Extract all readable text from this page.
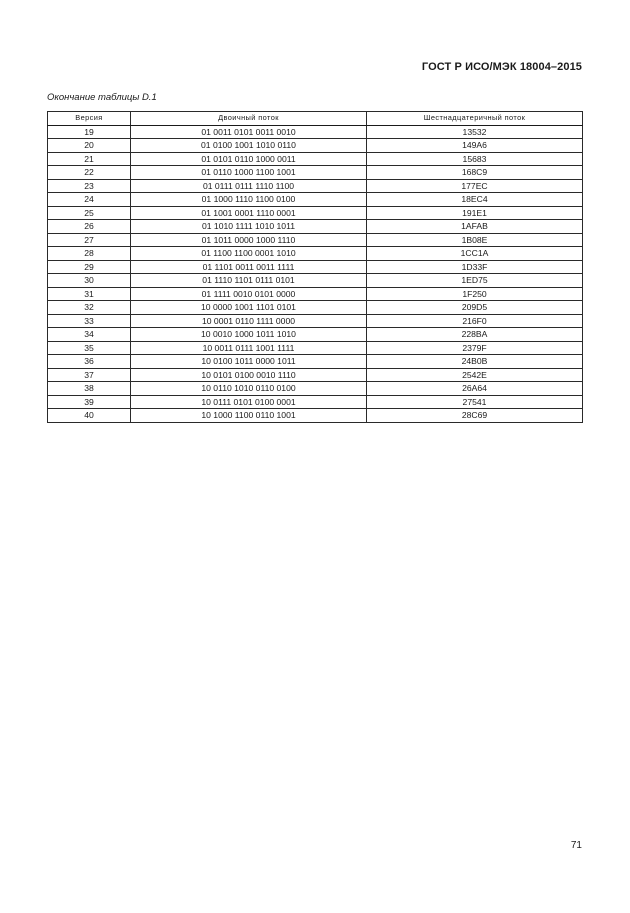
ГОСТ Р ИСО/МЭК 18004–2015
Окончание таблицы D.1
Версия	Двоичный поток	Шестнадцатеричный поток
19	01 0011 0101 0011 0010	13532
20	01 0100 1001 1010 0110	149A6
21	01 0101 0110 1000 0011	15683
22	01 0110 1000 1100 1001	168C9
23	01 0111 0111 1110 1100	177EC
24	01 1000 1110 1100 0100	18EC4
25	01 1001 0001 1110 0001	191E1
26	01 1010 1111 1010 1011	1AFAB
27	01 1011 0000 1000 1110	1B08E
28	01 1100 1100 0001 1010	1CC1A
29	01 1101 0011 0011 1111	1D33F
30	01 1110 1101 0111 0101	1ED75
31	01 1111 0010 0101 0000	1F250
32	10 0000 1001 1101 0101	209D5
33	10 0001 0110 1111 0000	216F0
34	10 0010 1000 1011 1010	228BA
35	10 0011 0111 1001 1111	2379F
36	10 0100 1011 0000 1011	24B0B
37	10 0101 0100 0010 1110	2542E
38	10 0110 1010 0110 0100	26A64
39	10 0111 0101 0100 0001	27541
40	10 1000 1100 0110 1001	28C69
71
